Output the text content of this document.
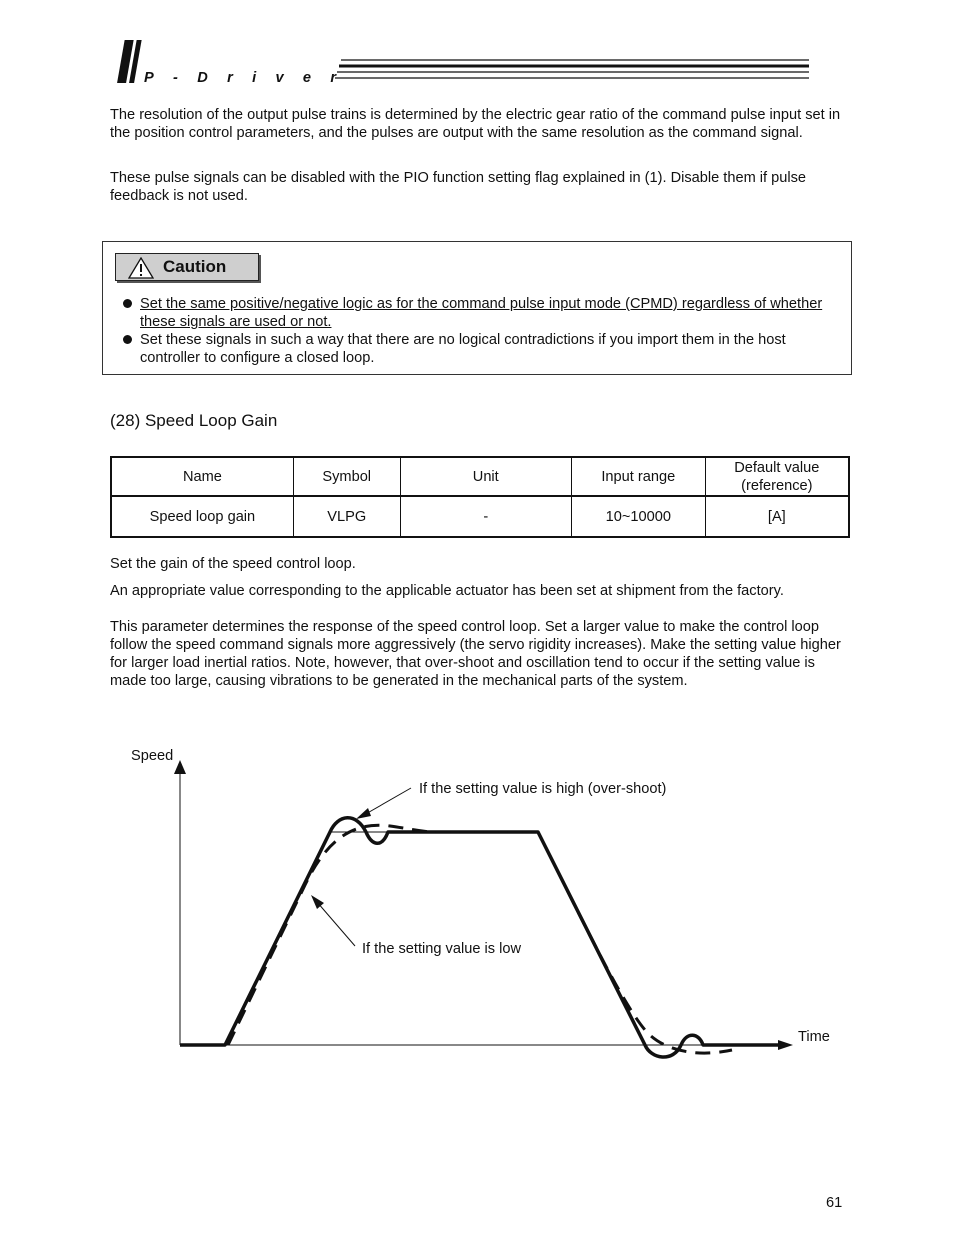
P-Driver

The resolution of the output pulse trains is determined by the electric gear ratio of the command pulse input set in the position control parameters, and the pulses are output with the same resolution as the command signal.

These pulse signals can be disabled with the PIO function setting flag explained in (1). Disable them if pulse feedback is not used.

Caution
Set the same positive/negative logic as for the command pulse input mode (CPMD) regardless of whether these signals are used or not.
Set these signals in such a way that there are no logical contradictions if you import them in the host controller to configure a closed loop.
(28) Speed Loop Gain
Name	Symbol	Unit	Input range	Default value (reference)
Speed loop gain	VLPG	-	10~10000	[A]

Set the gain of the speed control loop.

An appropriate value corresponding to the applicable actuator has been set at shipment from the factory.

This parameter determines the response of the speed control loop. Set a larger value to make the control loop follow the speed command signals more aggressively (the servo rigidity increases). Make the setting value higher for larger load inertial ratios. Note, however, that over-shoot and oscillation tend to occur if the setting value is made too large, causing vibrations to be generated in the mechanical parts of the system.

Speed
Time
If the setting value is high (over-shoot)
If the setting value is low
61
